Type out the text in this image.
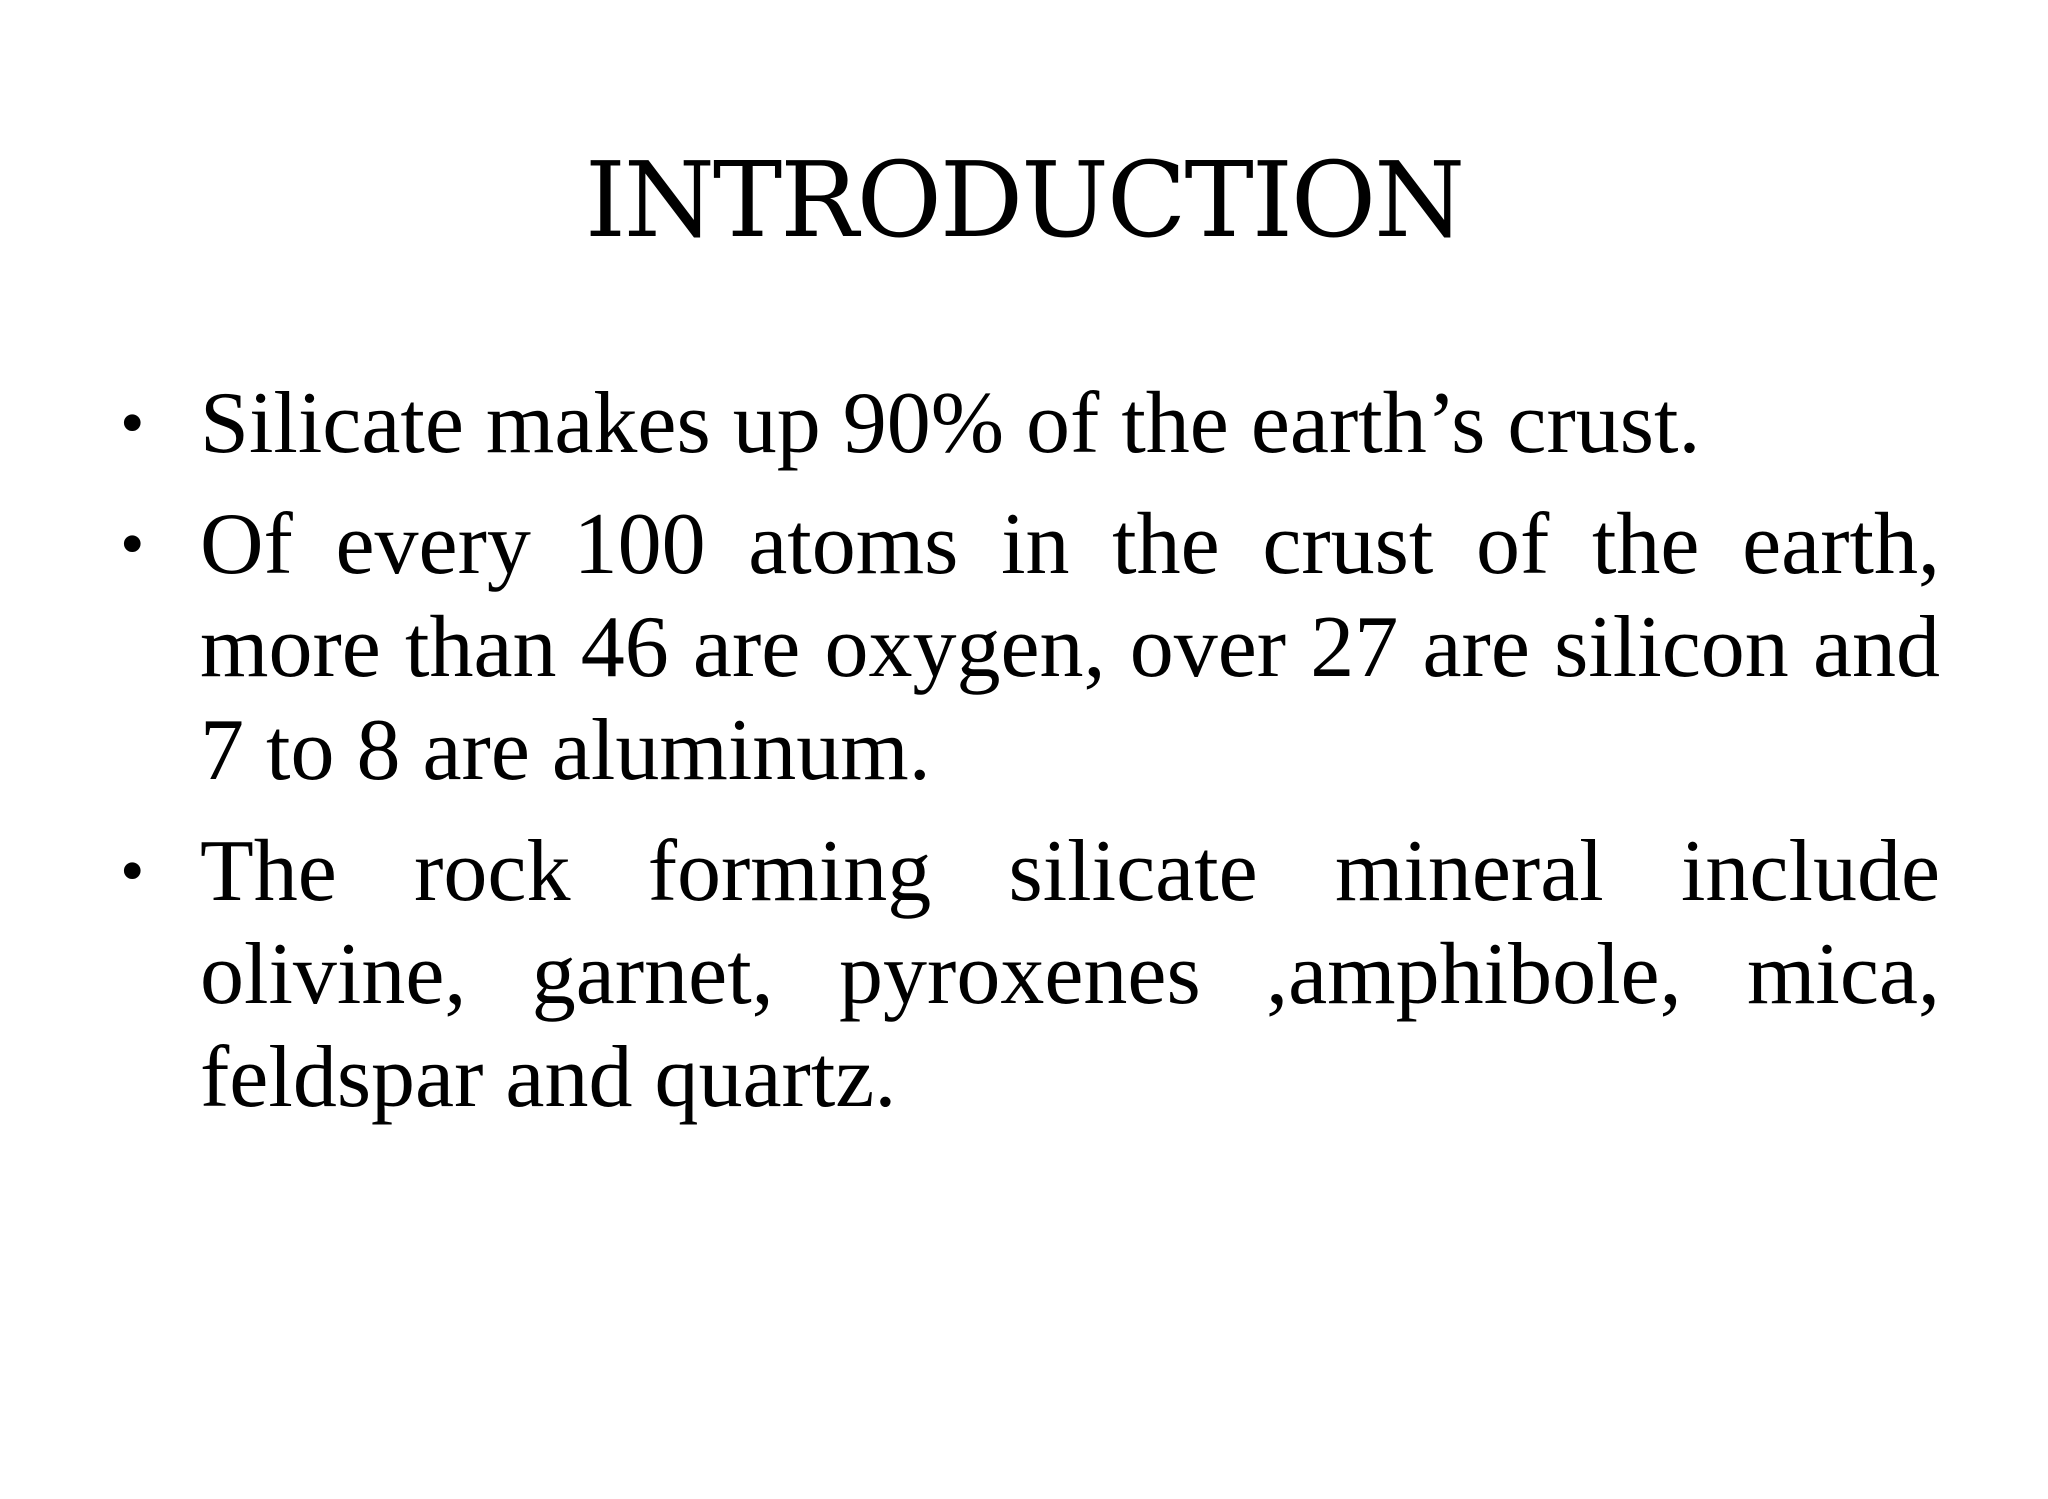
INTRODUCTION
• Silicate makes up 90% of the earth’s crust.
• Of every 100 atoms in the crust of the earth, more than 46 are oxygen, over 27 are silicon and 7 to 8 are aluminum.
• The rock forming silicate mineral include olivine, garnet, pyroxenes ,amphibole, mica, feldspar and quartz.
